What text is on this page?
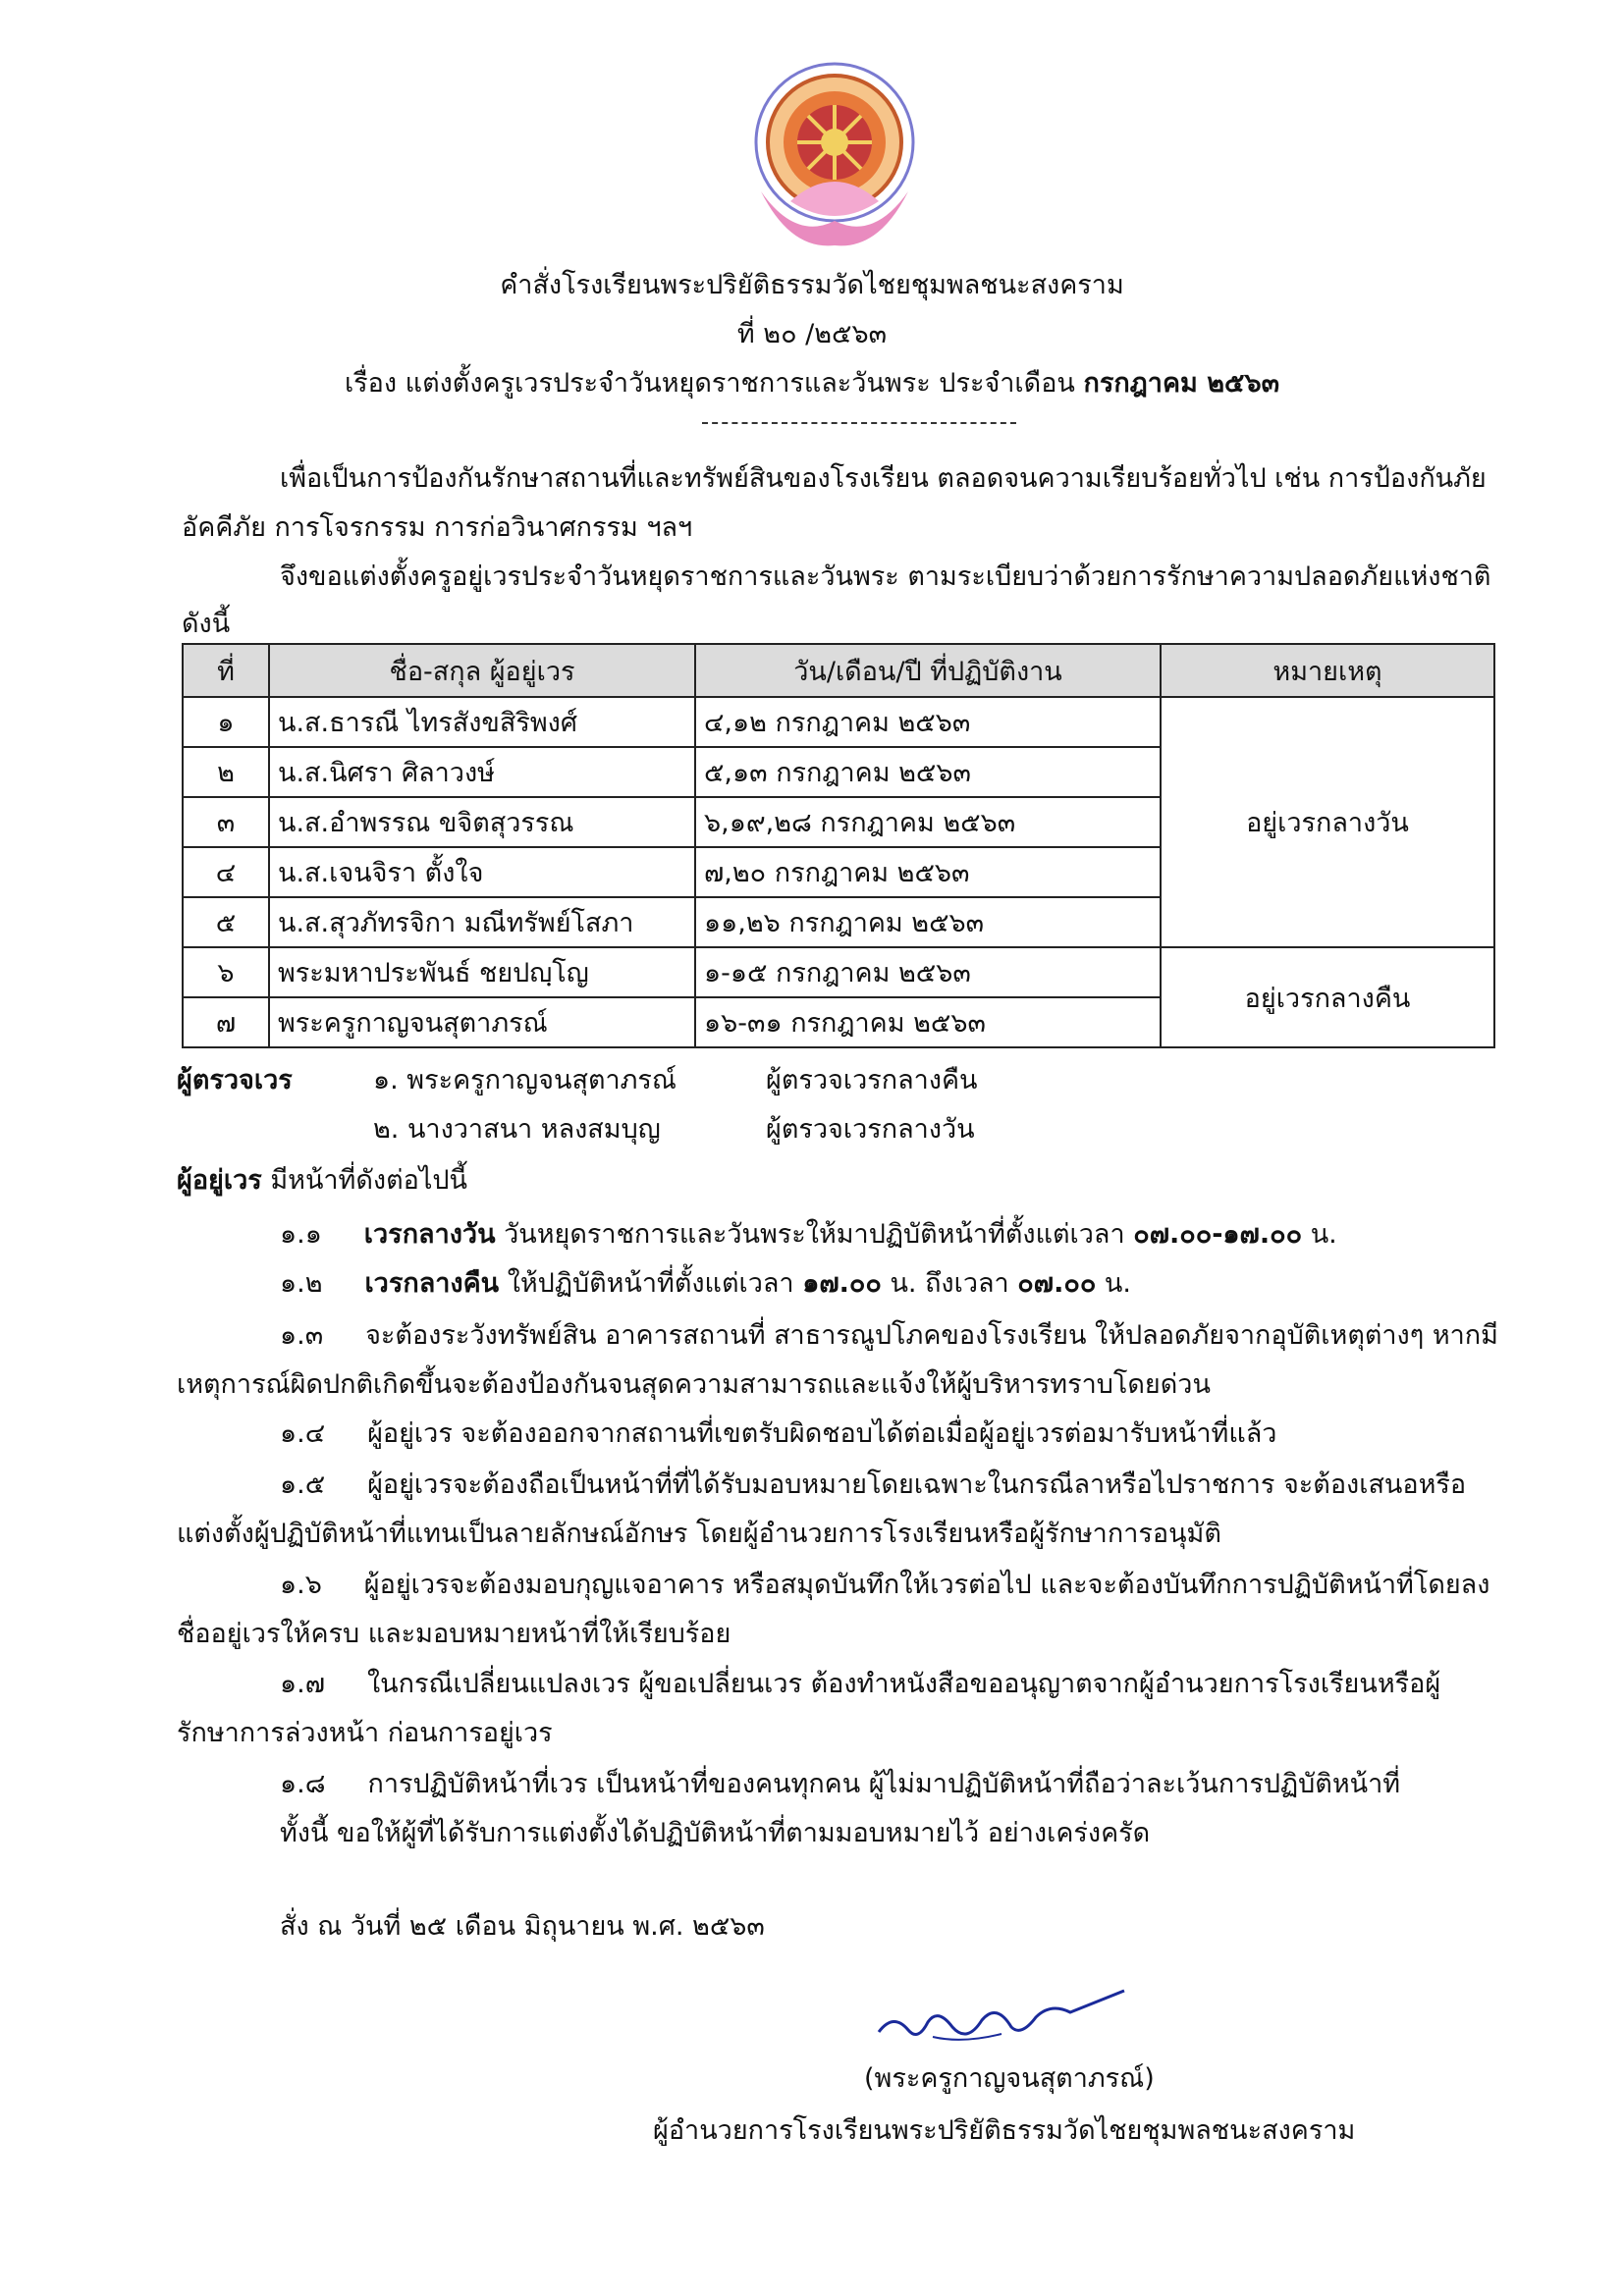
คำสั่งโรงเรียนพระปริยัติธรรมวัดไชยชุมพลชนะสงคราม
ที่ ๒๐ /๒๕๖๓
เรื่อง แต่งตั้งครูเวรประจำวันหยุดราชการและวันพระ ประจำเดือน กรกฎาคม ๒๕๖๓
เพื่อเป็นการป้องกันรักษาสถานที่และทรัพย์สินของโรงเรียน ตลอดจนความเรียบร้อยทั่วไป เช่น การป้องกันภัย
อัคคีภัย การโจรกรรม การก่อวินาศกรรม ฯลฯ
จึงขอแต่งตั้งครูอยู่เวรประจำวันหยุดราชการและวันพระ ตามระเบียบว่าด้วยการรักษาความปลอดภัยแห่งชาติ
ดังนี้
ที่	ชื่อ-สกุล ผู้อยู่เวร	วัน/เดือน/ปี ที่ปฏิบัติงาน	หมายเหตุ
๑	น.ส.ธารณี ไทรสังขสิริพงศ์	๔,๑๒ กรกฎาคม ๒๕๖๓	อยู่เวรกลางวัน
๒	น.ส.นิศรา ศิลาวงษ์	๕,๑๓ กรกฎาคม ๒๕๖๓	
๓	น.ส.อำพรรณ ขจิตสุวรรณ	๖,๑๙,๒๘ กรกฎาคม ๒๕๖๓	
๔	น.ส.เจนจิรา ตั้งใจ	๗,๒๐ กรกฎาคม ๒๕๖๓	
๕	น.ส.สุวภัทรจิกา มณีทรัพย์โสภา	๑๑,๒๖ กรกฎาคม ๒๕๖๓	
๖	พระมหาประพันธ์ ชยปญฺโญ	๑-๑๕ กรกฎาคม ๒๕๖๓	อยู่เวรกลางคืน
๗	พระครูกาญจนสุตาภรณ์	๑๖-๓๑ กรกฎาคม ๒๕๖๓	
ผู้ตรวจเวร	๑. พระครูกาญจนสุตาภรณ์	ผู้ตรวจเวรกลางคืน
๒. นางวาสนา หลงสมบุญ	ผู้ตรวจเวรกลางวัน
ผู้อยู่เวร มีหน้าที่ดังต่อไปนี้
๑.๑ เวรกลางวัน วันหยุดราชการและวันพระให้มาปฏิบัติหน้าที่ตั้งแต่เวลา ๐๗.๐๐-๑๗.๐๐ น.
๑.๒ เวรกลางคืน ให้ปฏิบัติหน้าที่ตั้งแต่เวลา ๑๗.๐๐ น. ถึงเวลา ๐๗.๐๐ น.
๑.๓ จะต้องระวังทรัพย์สิน อาคารสถานที่ สาธารณูปโภคของโรงเรียน ให้ปลอดภัยจากอุบัติเหตุต่างๆ หากมี
เหตุการณ์ผิดปกติเกิดขึ้นจะต้องป้องกันจนสุดความสามารถและแจ้งให้ผู้บริหารทราบโดยด่วน
๑.๔ ผู้อยู่เวร จะต้องออกจากสถานที่เขตรับผิดชอบได้ต่อเมื่อผู้อยู่เวรต่อมารับหน้าที่แล้ว
๑.๕ ผู้อยู่เวรจะต้องถือเป็นหน้าที่ที่ได้รับมอบหมายโดยเฉพาะในกรณีลาหรือไปราชการ จะต้องเสนอหรือ
แต่งตั้งผู้ปฏิบัติหน้าที่แทนเป็นลายลักษณ์อักษร โดยผู้อำนวยการโรงเรียนหรือผู้รักษาการอนุมัติ
๑.๖ ผู้อยู่เวรจะต้องมอบกุญแจอาคาร หรือสมุดบันทึกให้เวรต่อไป และจะต้องบันทึกการปฏิบัติหน้าที่โดยลง
ชื่ออยู่เวรให้ครบ และมอบหมายหน้าที่ให้เรียบร้อย
๑.๗ ในกรณีเปลี่ยนแปลงเวร ผู้ขอเปลี่ยนเวร ต้องทำหนังสือขออนุญาตจากผู้อำนวยการโรงเรียนหรือผู้
รักษาการล่วงหน้า ก่อนการอยู่เวร
๑.๘ การปฏิบัติหน้าที่เวร เป็นหน้าที่ของคนทุกคน ผู้ไม่มาปฏิบัติหน้าที่ถือว่าละเว้นการปฏิบัติหน้าที่
ทั้งนี้ ขอให้ผู้ที่ได้รับการแต่งตั้งได้ปฏิบัติหน้าที่ตามมอบหมายไว้ อย่างเคร่งครัด
สั่ง ณ วันที่ ๒๕ เดือน มิถุนายน พ.ศ. ๒๕๖๓
(พระครูกาญจนสุตาภรณ์)
ผู้อำนวยการโรงเรียนพระปริยัติธรรมวัดไชยชุมพลชนะสงคราม
